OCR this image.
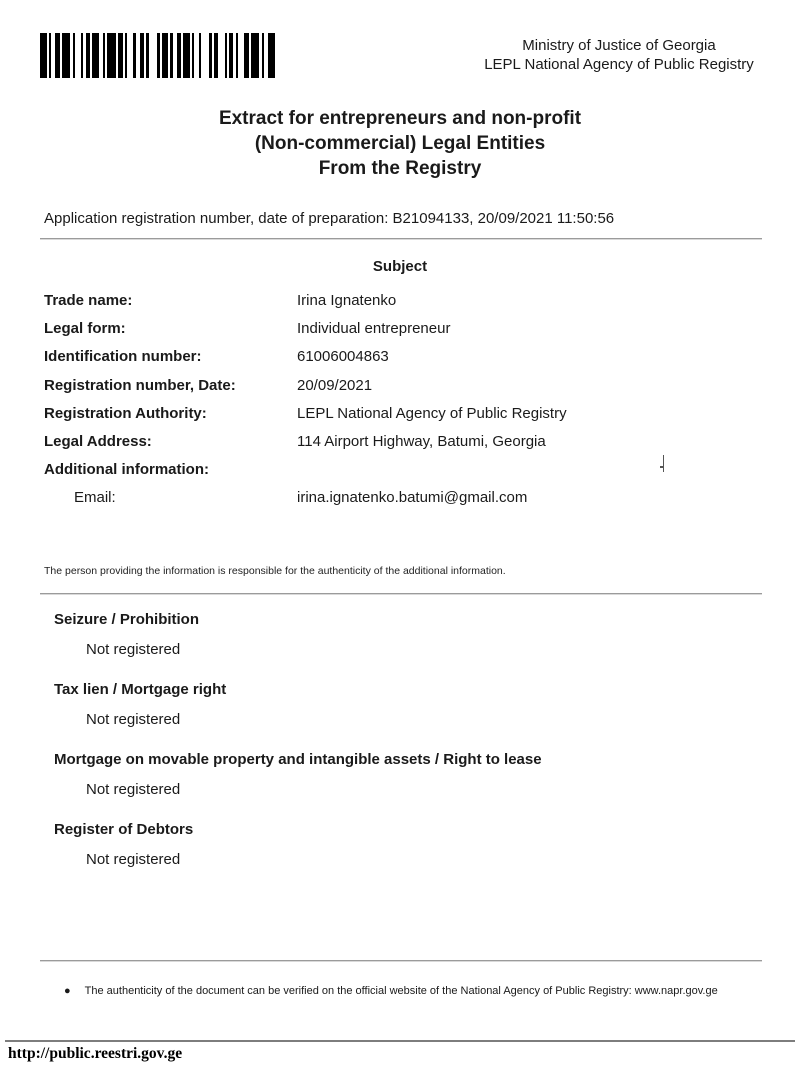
Ministry of Justice of Georgia
LEPL National Agency of Public Registry
Extract for entrepreneurs and non-profit
(Non-commercial) Legal Entities
From the Registry
Application registration number, date of preparation: B21094133, 20/09/2021 11:50:56
Subject
Trade name:	Irina Ignatenko
Legal form:	Individual entrepreneur
Identification number:	61006004863
Registration number, Date:	20/09/2021
Registration Authority:	LEPL National Agency of Public Registry
Legal Address:	114 Airport Highway, Batumi, Georgia
Additional information:
Email:	irina.ignatenko.batumi@gmail.com
The person providing the information is responsible for the authenticity of the additional information.
Seizure / Prohibition
Not registered
Tax lien / Mortgage right
Not registered
Mortgage on movable property and intangible assets / Right to lease
Not registered
Register of Debtors
Not registered
● The authenticity of the document can be verified on the official website of the National Agency of Public Registry: www.napr.gov.ge
http://public.reestri.gov.ge
